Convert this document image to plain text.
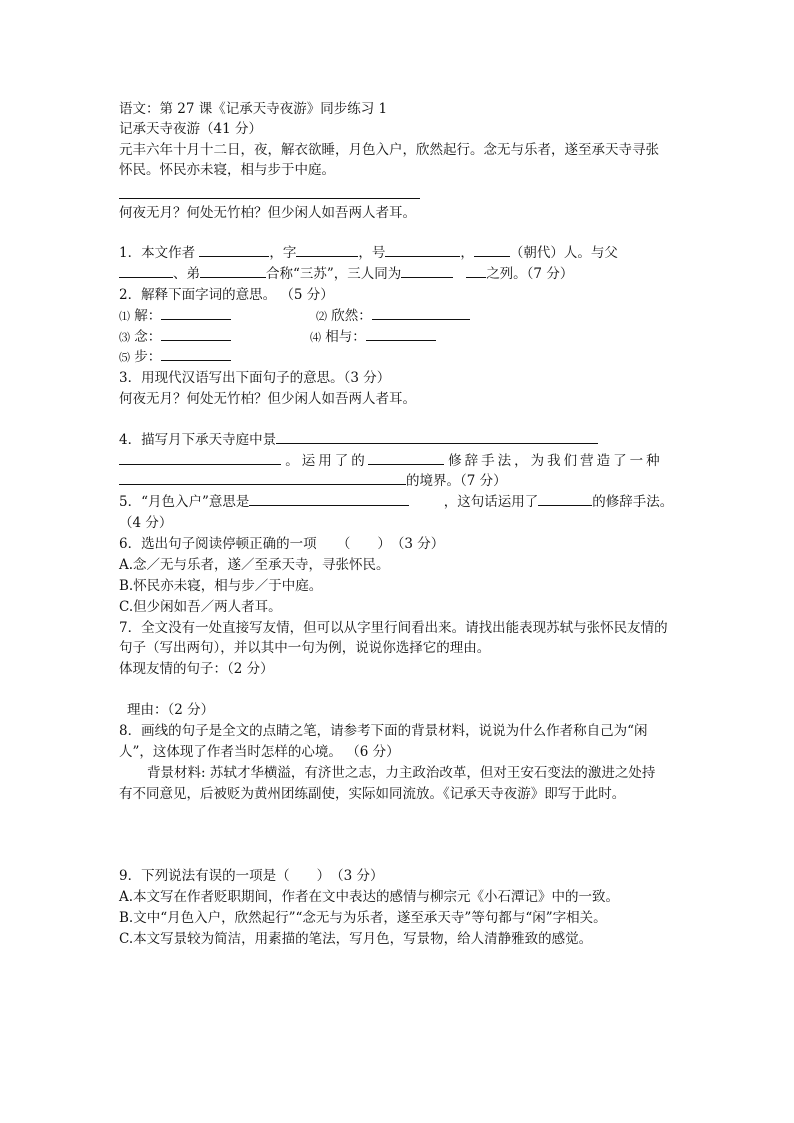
语文：第 27 课《记承天寺夜游》同步练习 1
记承天寺夜游（41 分）
元丰六年十月十二日，夜，解衣欲睡，月色入户，欣然起行。念无与乐者，遂至承天寺寻张
怀民。怀民亦未寝，相与步于中庭。
何夜无月？何处无竹柏？但少闲人如吾两人者耳。
1．本文作者	，字	，号	，	（朝代）人。与父
、弟	合称“三苏”，三人同为	之列。（7 分）
2．解释下面字词的意思。 （5 分）
⑴ 解：	⑵ 欣然：
⑶ 念：	⑷ 相与：
⑸ 步：
3．用现代汉语写出下面句子的意思。（3 分）
何夜无月？何处无竹柏？但少闲人如吾两人者耳。
4．描写月下承天寺庭中景
。运用了的	修辞手法，为我们营造了一种
的境界。（7 分）
5．“月色入户”意思是	，这句话运用了	的修辞手法。
（4 分）
6．选出句子阅读停顿正确的一项　　（　　）　（3 分）
A.念／无与乐者，遂／至承天寺，寻张怀民。
B.怀民亦未寝，相与步／于中庭。
C.但少闲如吾／两人者耳。
7．全文没有一处直接写友情，但可以从字里行间看出来。请找出能表现苏轼与张怀民友情的
句子（写出两句），并以其中一句为例，说说你选择它的理由。
体现友情的句子：（2 分）
理由：（2 分）
8．画线的句子是全文的点睛之笔，请参考下面的背景材料，说说为什么作者称自己为“闲
人”，这体现了作者当时怎样的心境。 （6 分）
背景材料: 苏轼才华横溢，有济世之志，力主政治改革，但对王安石变法的激进之处持
有不同意见，后被贬为黄州团练副使，实际如同流放。《记承天寺夜游》即写于此时。
9．下列说法有误的一项是（　　）　（3 分）
A.本文写在作者贬职期间，作者在文中表达的感情与柳宗元《小石潭记》中的一致。
B.文中“月色入户，欣然起行”“念无与为乐者，遂至承天寺”等句都与“闲”字相关。
C.本文写景较为简洁，用素描的笔法，写月色，写景物，给人清静雅致的感觉。
